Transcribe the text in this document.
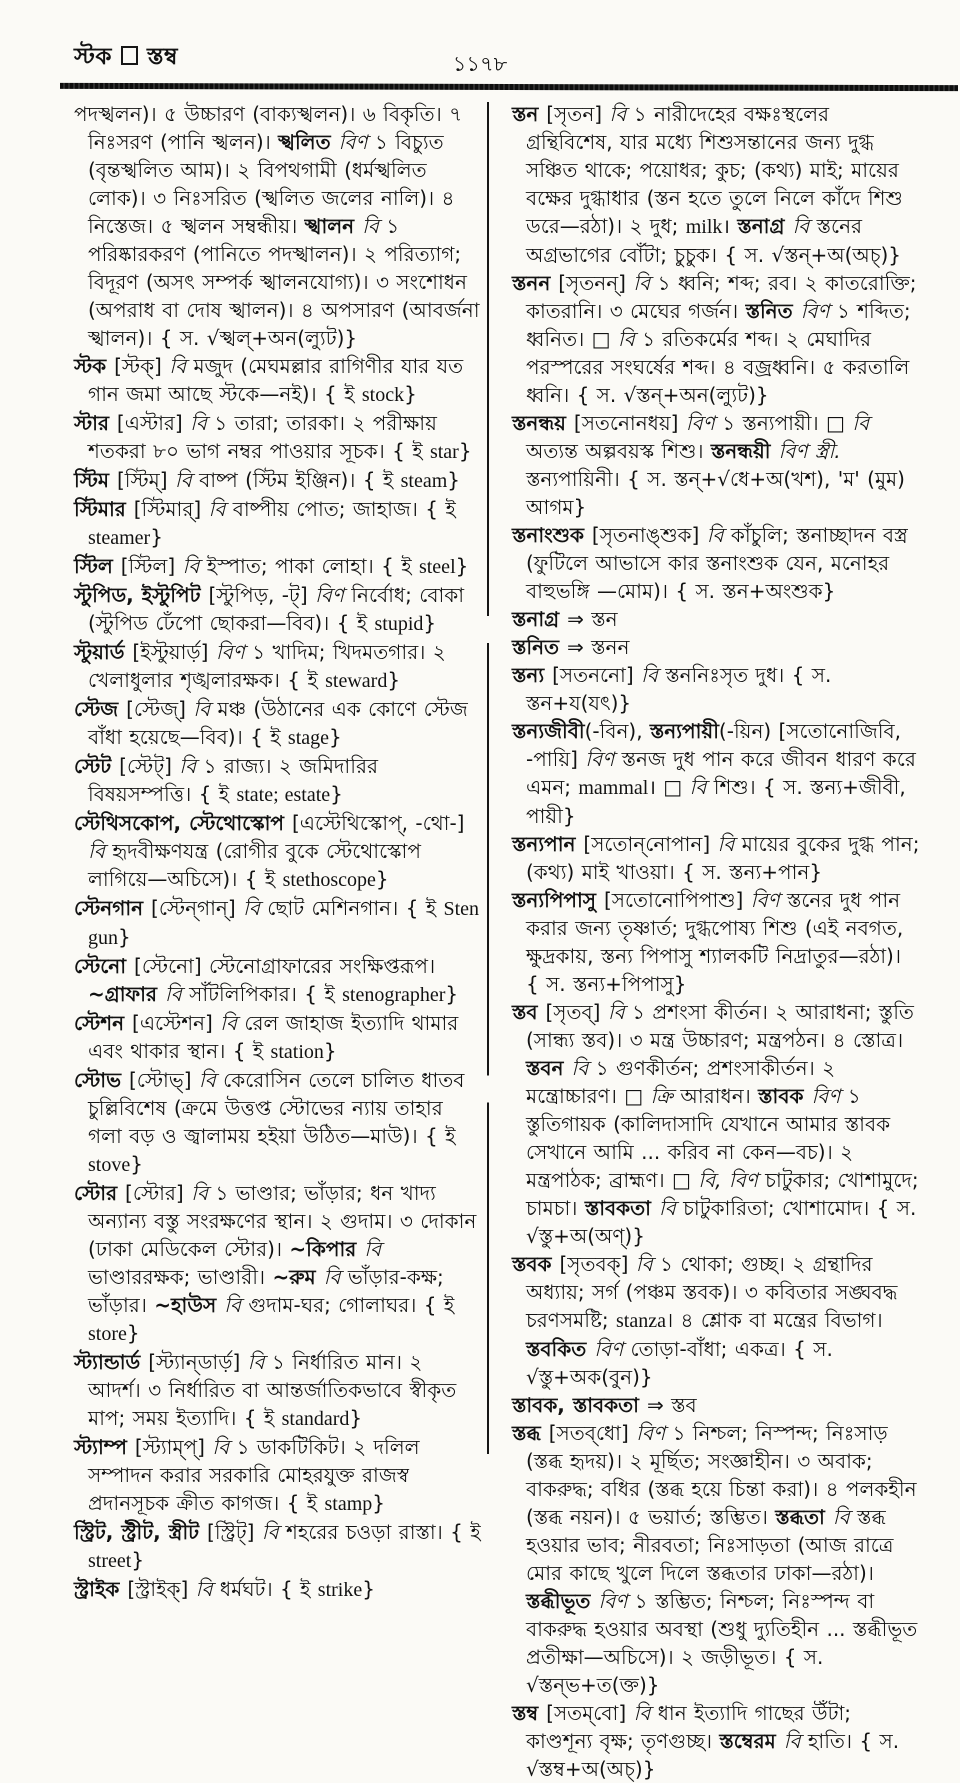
স্টক স্তম্ব	১১৭৮

পদস্খলন)। ৫ উচ্চারণ (বাক্যস্খলন)। ৬ বিকৃতি। ৭ নিঃসরণ (পানি স্খলন)। স্খলিত বিণ ১ বিচ্যুত (বৃন্তস্খলিত আম)। ২ বিপথগামী (ধর্মস্খলিত লোক)। ৩ নিঃসরিত (স্খলিত জলের নালি)। ৪ নিস্তেজ। ৫ স্খলন সম্বন্ধীয়। স্খালন বি ১ পরিষ্কারকরণ (পানিতে পদস্খালন)। ২ পরিত্যাগ; বিদূরণ (অসৎ সম্পর্ক স্খালনযোগ্য)। ৩ সংশোধন (অপরাধ বা দোষ স্খালন)। ৪ অপসারণ (আবর্জনা স্খালন)। { স. √স্খল্+অন(ল্যুট)}

স্টক [স্টক্] বি মজুদ (মেঘমল্লার রাগিণীর যার যত গান জমা আছে স্টকে—নই)। { ই stock}

স্টার [এস্টার] বি ১ তারা; তারকা। ২ পরীক্ষায় শতকরা ৮০ ভাগ নম্বর পাওয়ার সূচক। { ই star}

স্টিম [স্টিম্] বি বাষ্প (স্টিম ইঞ্জিন)। { ই steam}

স্টিমার [স্টিমার্] বি বাষ্পীয় পোত; জাহাজ। { ই steamer}

স্টিল [স্টিল] বি ইস্পাত; পাকা লোহা। { ই steel}

স্টুপিড, ইস্টুপিট [স্টুপিড়, -ট্] বিণ নির্বোধ; বোকা (স্টুপিড ঢেঁপো ছোকরা—বিব)। { ই stupid}

স্টুয়ার্ড [ইস্টুয়ার্ড়] বিণ ১ খাদিম; খিদমতগার। ২ খেলাধুলার শৃঙ্খলারক্ষক। { ই steward}

স্টেজ [স্টেজ্] বি মঞ্চ (উঠানের এক কোণে স্টেজ বাঁধা হয়েছে—বিব)। { ই stage}

স্টেট [স্টেট্] বি ১ রাজ্য। ২ জমিদারির বিষয়সম্পত্তি। { ই state; estate}

স্টেথিসকোপ, স্টেথোস্কোপ [এস্টেথিস্কোপ্, -থো-] বি হৃদবীক্ষণযন্ত্র (রোগীর বুকে স্টেথোস্কোপ লাগিয়ে—অচিসে)। { ই stethoscope}

স্টেনগান [স্টেন্‌গান্] বি ছোট মেশিনগান। { ই Sten gun}

স্টেনো [স্টেনো] স্টেনোগ্রাফারের সংক্ষিপ্তরূপ। ~গ্রাফার বি সাঁটলিপিকার। { ই stenographer}

স্টেশন [এস্টেশন] বি রেল জাহাজ ইত্যাদি থামার এবং থাকার স্থান। { ই station}

স্টোভ [স্টোভ্] বি কেরোসিন তেলে চালিত ধাতব চুল্লিবিশেষ (ক্রমে উত্তপ্ত স্টোভের ন্যায় তাহার গলা বড় ও জ্বালাময় হইয়া উঠিত—মাউ)। { ই stove}

স্টোর [স্টোর] বি ১ ভাণ্ডার; ভাঁড়ার; ধন খাদ্য অন্যান্য বস্তু সংরক্ষণের স্থান। ২ গুদাম। ৩ দোকান (ঢাকা মেডিকেল স্টোর)। ~কিপার বি ভাণ্ডাররক্ষক; ভাণ্ডারী। ~রুম বি ভাঁড়ার-কক্ষ; ভাঁড়ার। ~হাউস বি গুদাম-ঘর; গোলাঘর। { ই store}

স্ট্যান্ডার্ড [স্ট্যান্‌ডার্ড়] বি ১ নির্ধারিত মান। ২ আদর্শ। ৩ নির্ধারিত বা আন্তর্জাতিকভাবে স্বীকৃত মাপ; সময় ইত্যাদি। { ই standard}

স্ট্যাম্প [স্ট্যাম্প্] বি ১ ডাকটিকিট। ২ দলিল সম্পাদন করার সরকারি মোহরযুক্ত রাজস্ব প্রদানসূচক ক্রীত কাগজ। { ই stamp}

স্ট্রিট, স্ট্রীট, স্ত্রীট [স্ট্রিট্] বি শহরের চওড়া রাস্তা। { ই street}

স্ট্রাইক [স্ট্রাইক্] বি ধর্মঘট। { ই strike}

স্তন [সৃতন] বি ১ নারীদেহের বক্ষঃস্থলের গ্রন্থিবিশেষ, যার মধ্যে শিশুসন্তানের জন্য দুগ্ধ সঞ্চিত থাকে; পয়োধর; কুচ; (কথ্য) মাই; মায়ের বক্ষের দুগ্ধাধার (স্তন হতে তুলে নিলে কাঁদে শিশু ডরে—রঠা)। ২ দুধ; milk। স্তনাগ্র বি স্তনের অগ্রভাগের বোঁটা; চুচুক। { স. √স্তন্+অ(অচ্)}

স্তনন [সৃতনন্] বি ১ ধ্বনি; শব্দ; রব। ২ কাতরোক্তি; কাতরানি। ৩ মেঘের গর্জন। স্তনিত বিণ ১ শব্দিত; ধ্বনিত। □ বি ১ রতিকর্মের শব্দ। ২ মেঘাদির পরস্পরের সংঘর্ষের শব্দ। ৪ বজ্রধ্বনি। ৫ করতালি ধ্বনি। { স. √স্তন্+অন(ল্যুট)}

স্তনন্ধয় [সতনোনধয়] বিণ ১ স্তন্যপায়ী। □ বি অত্যন্ত অল্পবয়স্ক শিশু। স্তনন্ধয়ী বিণ স্ত্রী. স্তন্যপায়িনী। { স. স্তন্+√ধে+অ(খশ), 'ম' (মুম) আগম}

স্তনাংশুক [সৃতনাঙ্‌শুক] বি কাঁচুলি; স্তনাচ্ছাদন বস্ত্র (ফুটিলে আভাসে কার স্তনাংশুক যেন, মনোহর বাহুভঙ্গি —মোম)। { স. স্তন+অংশুক}

স্তনাগ্র ⇒ স্তন

স্তনিত ⇒ স্তনন

স্তন্য [সতননো] বি স্তননিঃসৃত দুধ। { স. স্তন+য(যৎ)}

স্তন্যজীবী(-বিন), স্তন্যপায়ী(-য়িন) [সতোনোজিবি, -পায়ি] বিণ স্তনজ দুধ পান করে জীবন ধারণ করে এমন; mammal। □ বি শিশু। { স. স্তন্য+জীবী, পায়ী}

স্তন্যপান [সতোন্‌নোপান] বি মায়ের বুকের দুগ্ধ পান; (কথ্য) মাই খাওয়া। { স. স্তন্য+পান}

স্তন্যপিপাসু [সতোনোপিপাশু] বিণ স্তনের দুধ পান করার জন্য তৃষ্ণার্ত; দুগ্ধপোষ্য শিশু (এই নবগত, ক্ষুদ্রকায়, স্তন্য পিপাসু শ্যালকটি নিদ্রাতুর—রঠা)। { স. স্তন্য+পিপাসু}

স্তব [সৃতব্] বি ১ প্রশংসা কীর্তন। ২ আরাধনা; স্তুতি (সান্ধ্য স্তব)। ৩ মন্ত্র উচ্চারণ; মন্ত্রপঠন। ৪ স্তোত্র। স্তবন বি ১ গুণকীর্তন; প্রশংসাকীর্তন। ২ মন্ত্রোচ্চারণ। □ ক্রি আরাধন। স্তাবক বিণ ১ স্তুতিগায়ক (কালিদাসাদি যেখানে আমার স্তাবক সেখানে আমি ... করিব না কেন—বচ)। ২ মন্ত্রপাঠক; ব্রাহ্মণ। □ বি, বিণ চাটুকার; খোশামুদে; চামচা। স্তাবকতা বি চাটুকারিতা; খোশামোদ। { স. √স্তু+অ(অণ্)}

স্তবক [সৃতবক্] বি ১ থোকা; গুচ্ছ। ২ গ্রন্থাদির অধ্যায়; সর্গ (পঞ্চম স্তবক)। ৩ কবিতার সঙ্ঘবদ্ধ চরণসমষ্টি; stanza। ৪ শ্লোক বা মন্ত্রের বিভাগ। স্তবকিত বিণ তোড়া-বাঁধা; একত্র। { স. √স্তু+অক(বুন)}

স্তাবক, স্তাবকতা ⇒ স্তব

স্তব্ধ [সতব্‌ধো] বিণ ১ নিশ্চল; নিস্পন্দ; নিঃসাড় (স্তব্ধ হৃদয়)। ২ মূর্ছিত; সংজ্ঞাহীন। ৩ অবাক; বাকরুদ্ধ; বধির (স্তব্ধ হয়ে চিন্তা করা)। ৪ পলকহীন (স্তব্ধ নয়ন)। ৫ ভয়ার্ত; স্তম্ভিত। স্তব্ধতা বি স্তব্ধ হওয়ার ভাব; নীরবতা; নিঃসাড়তা (আজ রাত্রে মোর কাছে খুলে দিলে স্তব্ধতার ঢাকা—রঠা)। স্তব্ধীভূত বিণ ১ স্তম্ভিত; নিশ্চল; নিঃস্পন্দ বা বাকরুদ্ধ হওয়ার অবস্থা (শুধু দ্যুতিহীন ... স্তব্ধীভূত প্রতীক্ষা—অচিসে)। ২ জড়ীভূত। { স. √স্তন্ভ+ত(ক্ত)}

স্তম্ব [সতম্‌বো] বি ধান ইত্যাদি গাছের উঁটা; কাণ্ডশূন্য বৃক্ষ; তৃণগুচ্ছ। স্তম্বেরম বি হাতি। { স. √স্তম্ব+অ(অচ্)}
